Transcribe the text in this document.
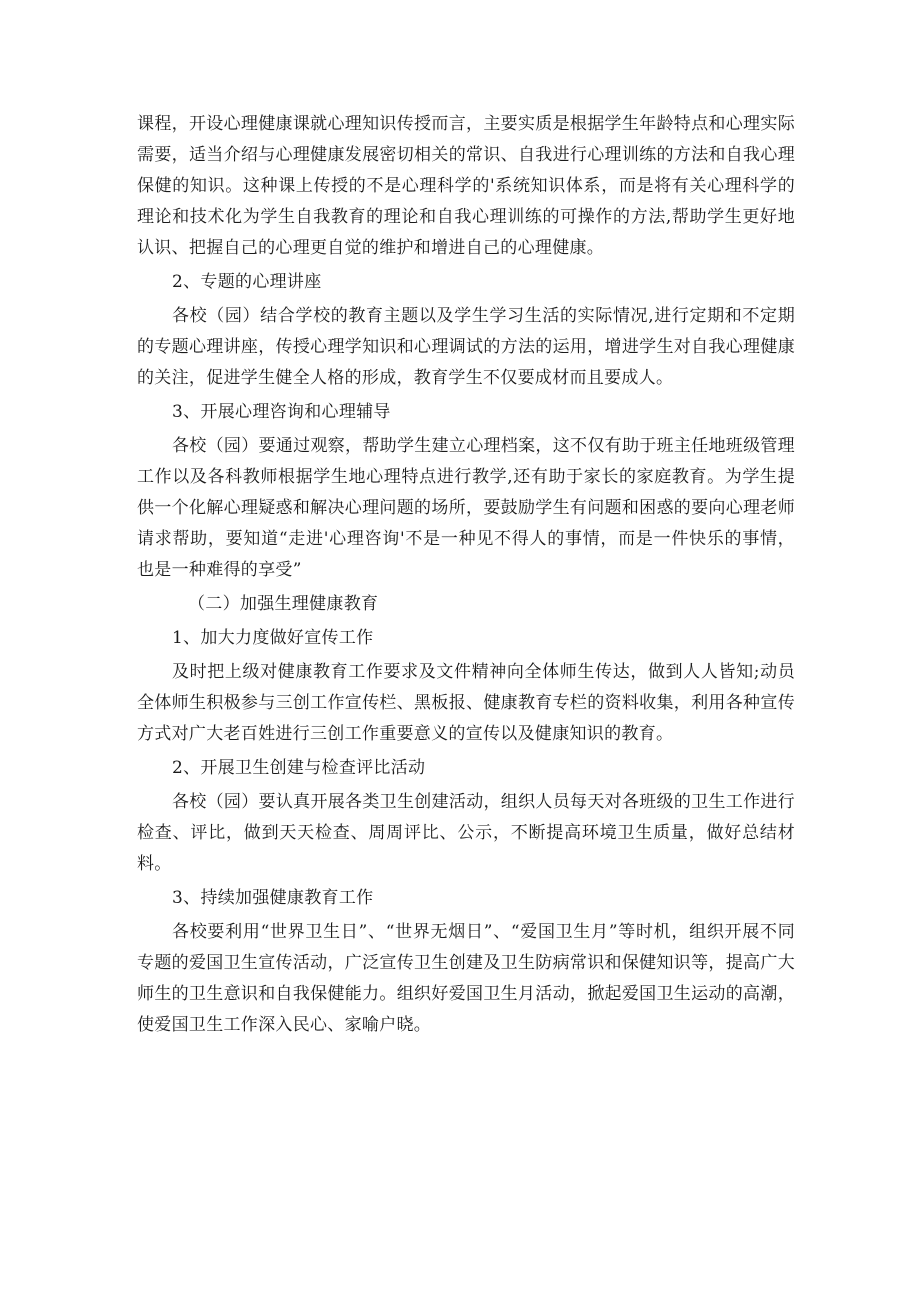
课程，开设心理健康课就心理知识传授而言，主要实质是根据学生年龄特点和心理实际需要，适当介绍与心理健康发展密切相关的常识、自我进行心理训练的方法和自我心理保健的知识。这种课上传授的不是心理科学的'系统知识体系，而是将有关心理科学的理论和技术化为学生自我教育的理论和自我心理训练的可操作的方法,帮助学生更好地认识、把握自己的心理更自觉的维护和增进自己的心理健康。

2、专题的心理讲座

各校（园）结合学校的教育主题以及学生学习生活的实际情况,进行定期和不定期的专题心理讲座，传授心理学知识和心理调试的方法的运用，增进学生对自我心理健康的关注，促进学生健全人格的形成，教育学生不仅要成材而且要成人。

3、开展心理咨询和心理辅导

各校（园）要通过观察，帮助学生建立心理档案，这不仅有助于班主任地班级管理工作以及各科教师根据学生地心理特点进行教学,还有助于家长的家庭教育。为学生提供一个化解心理疑惑和解决心理问题的场所，要鼓励学生有问题和困惑的要向心理老师请求帮助，要知道“走进'心理咨询'不是一种见不得人的事情，而是一件快乐的事情，也是一种难得的享受”

（二）加强生理健康教育

1、加大力度做好宣传工作

及时把上级对健康教育工作要求及文件精神向全体师生传达，做到人人皆知;动员全体师生积极参与三创工作宣传栏、黑板报、健康教育专栏的资料收集，利用各种宣传方式对广大老百姓进行三创工作重要意义的宣传以及健康知识的教育。

2、开展卫生创建与检查评比活动

各校（园）要认真开展各类卫生创建活动，组织人员每天对各班级的卫生工作进行检查、评比，做到天天检查、周周评比、公示，不断提高环境卫生质量，做好总结材料。

3、持续加强健康教育工作

各校要利用“世界卫生日”、“世界无烟日”、“爱国卫生月”等时机，组织开展不同专题的爱国卫生宣传活动，广泛宣传卫生创建及卫生防病常识和保健知识等，提高广大师生的卫生意识和自我保健能力。组织好爱国卫生月活动，掀起爱国卫生运动的高潮，使爱国卫生工作深入民心、家喻户晓。
